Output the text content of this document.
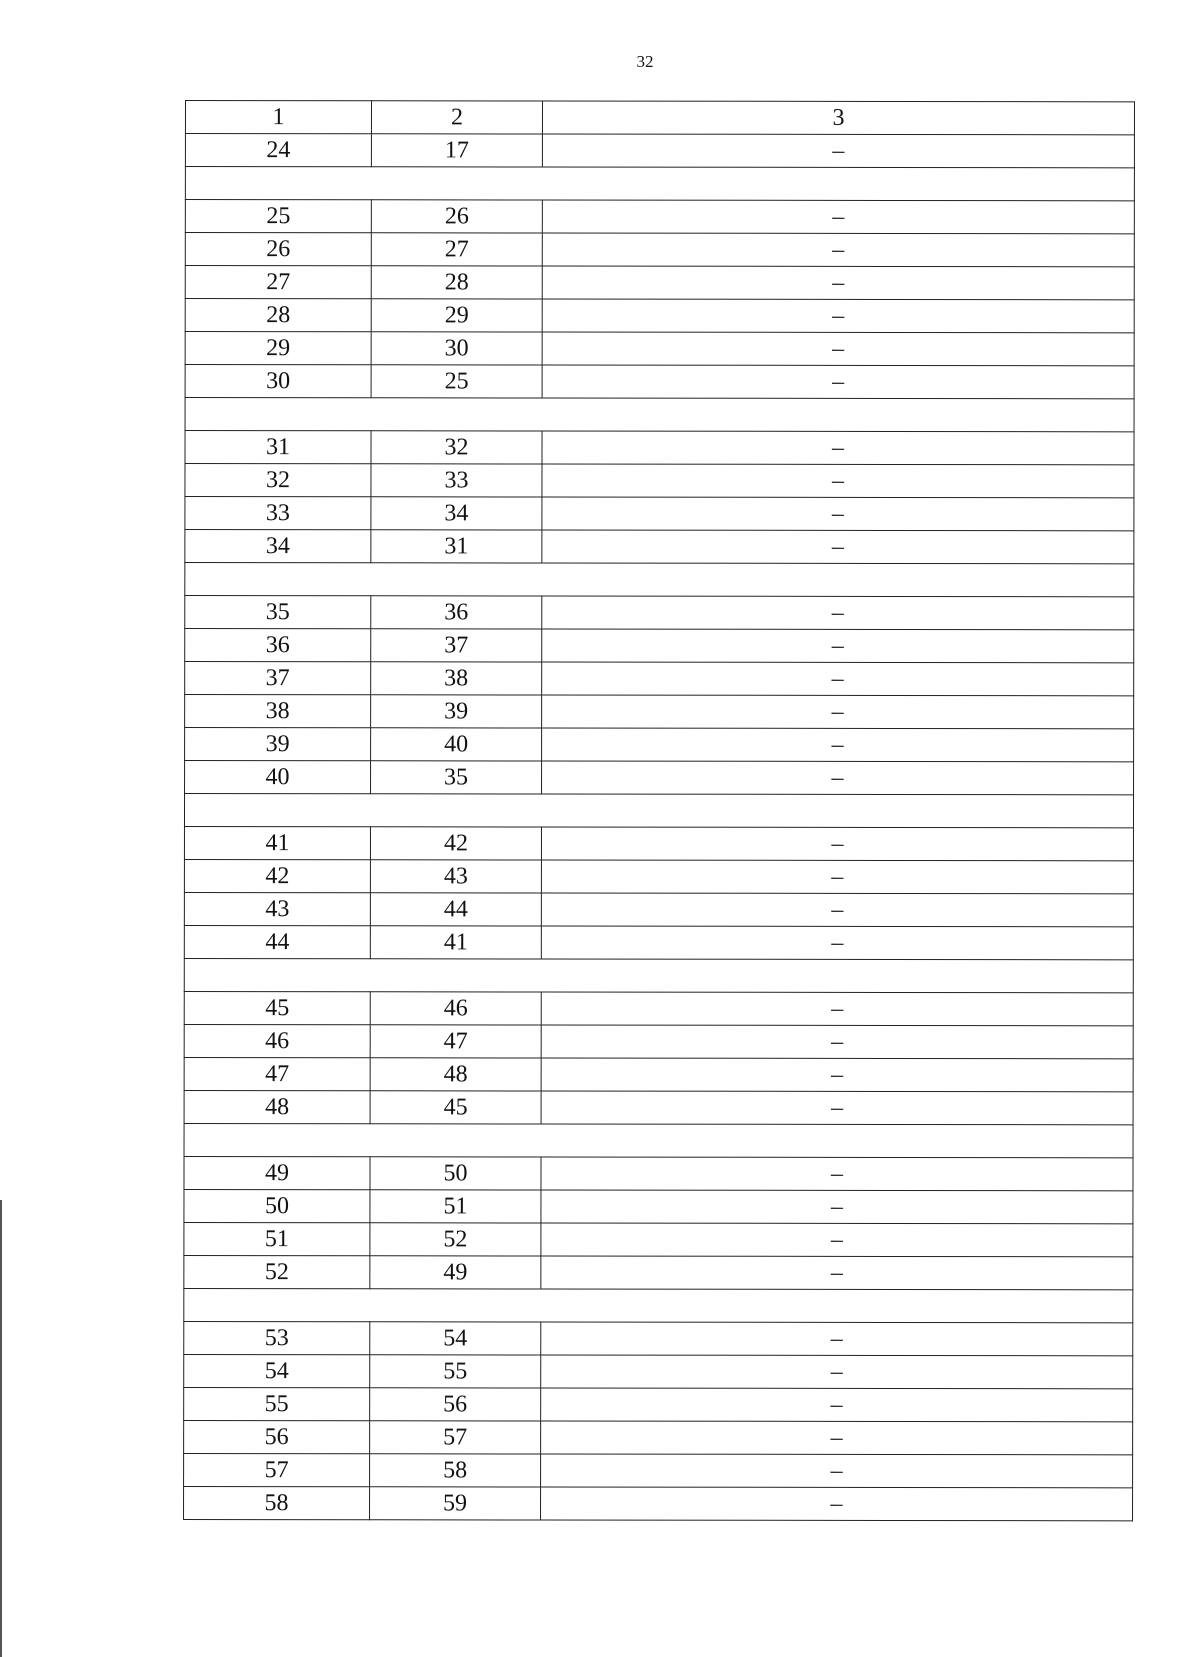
32
1	2	3
24	17	–

25	26	–
26	27	–
27	28	–
28	29	–
29	30	–
30	25	–

31	32	–
32	33	–
33	34	–
34	31	–

35	36	–
36	37	–
37	38	–
38	39	–
39	40	–
40	35	–

41	42	–
42	43	–
43	44	–
44	41	–

45	46	–
46	47	–
47	48	–
48	45	–

49	50	–
50	51	–
51	52	–
52	49	–

53	54	–
54	55	–
55	56	–
56	57	–
57	58	–
58	59	–
